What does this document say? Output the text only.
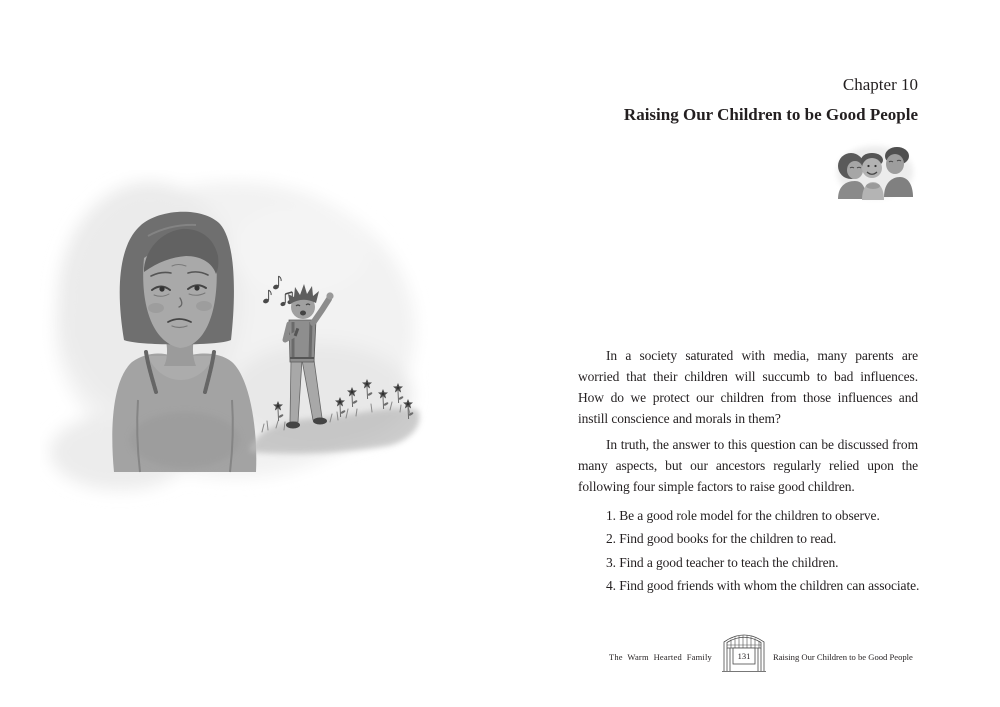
Chapter 10
Raising Our Children to be Good People
In a society saturated with media, many parents are
worried that their children will succumb to bad influences.
How do we protect our children from those influences and
instill conscience and morals in them?
In truth, the answer to this question can be discussed from
many aspects, but our ancestors regularly relied upon the
following four simple factors to raise good children.
1. Be a good role model for the children to observe.
2. Find good books for the children to read.
3. Find a good teacher to teach the children.
4. Find good friends with whom the children can associate.
The Warm Hearted Family	131	Raising Our Children to be Good People
